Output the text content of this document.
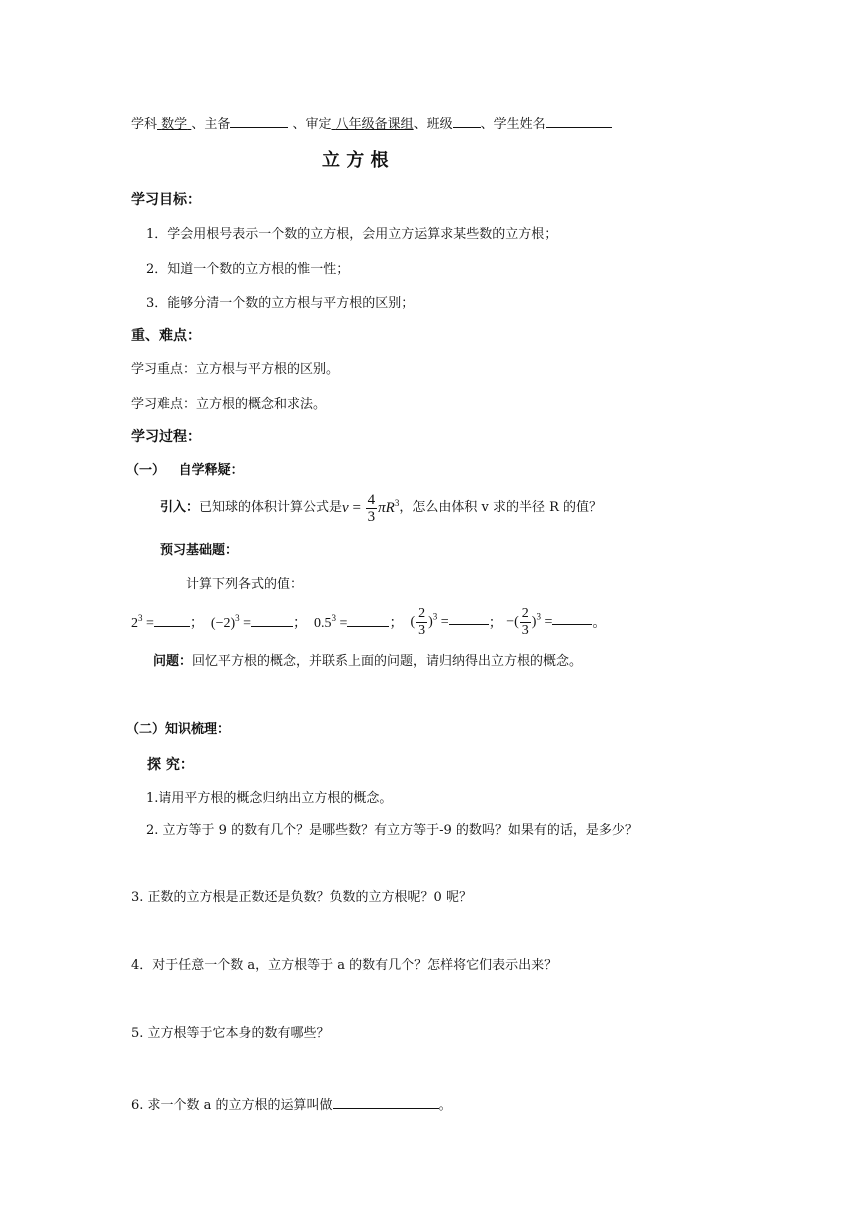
学科 数学 、主备	、审定 八年级备课组、班级 、学生姓名
立 方 根
学习目标：
1．学会用根号表示一个数的立方根，会用立方运算求某些数的立方根；
2．知道一个数的立方根的惟一性；
3．能够分清一个数的立方根与平方根的区别；
重、难点：
学习重点：立方根与平方根的区别。
学习难点：立方根的概念和求法。
学习过程：
（一） 自学释疑：
引入： 已知球的体积计算公式是 $v = \frac{4}{3} \pi R^3$ ，怎么由体积 v 求的半径 R 的值？
预习基础题：
计算下列各式的值：
$2^3$ =	；
$(-2)^3$ =	；
$0.5^3$ =	；
( $\frac{2}{3} )^3$ =	；
−( $\frac{2}{3} )^3$ =	。
问题：回忆平方根的概念，并联系上面的问题，请归纳得出立方根的概念。
（二）知识梳理：
探 究：
1.请用平方根的概念归纳出立方根的概念。
2. 立方等于 9 的数有几个？是哪些数？有立方等于-9 的数吗？如果有的话，是多少？
3. 正数的立方根是正数还是负数？负数的立方根呢？0 呢？
4．对于任意一个数 a，立方根等于 a 的数有几个？怎样将它们表示出来？
5. 立方根等于它本身的数有哪些？
6. 求一个数 a 的立方根的运算叫做	。
